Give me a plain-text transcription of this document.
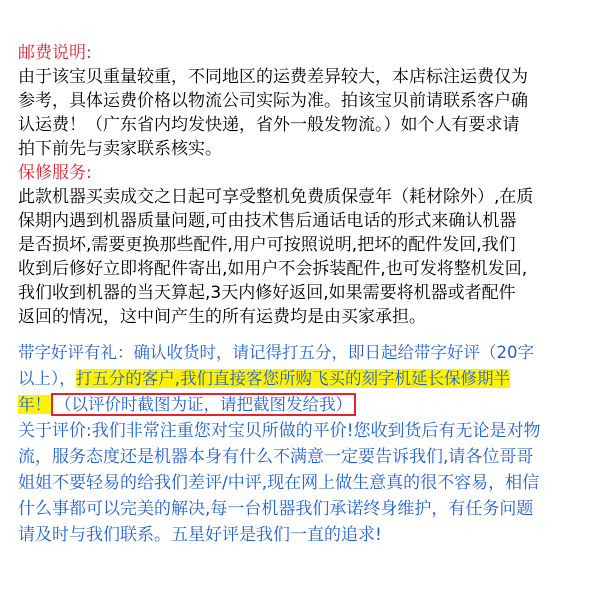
邮费说明:
由于该宝贝重量较重，不同地区的运费差异较大，本店标注运费仅为
参考，具体运费价格以物流公司实际为准。拍该宝贝前请联系客户确
认运费！（广东省内均发快递，省外一般发物流。）如个人有要求请
拍下前先与卖家联系核实。
保修服务:
此款机器买卖成交之日起可享受整机免费质保壹年（耗材除外）,在质
保期内遇到机器质量问题,可由技术售后通话电话的形式来确认机器
是否损坏,需要更换那些配件,用户可按照说明,把坏的配件发回,我们
收到后修好立即将配件寄出,如用户不会拆装配件,也可发将整机发回,
我们收到机器的当天算起,3天内修好返回,如果需要将机器或者配件
返回的情况，这中间产生的所有运费均是由买家承担。
带字好评有礼：确认收货时，请记得打五分，即日起给带字好评（20字
以上），打五分的客户,我们直接客您所购飞买的刻字机延长保修期半
年！ （以评价时截图为证，请把截图发给我）
关于评价:我们非常注重您对宝贝所做的平价!您收到货后有无论是对物
流，服务态度还是机器本身有什么不满意一定要告诉我们,请各位哥哥
姐姐不要轻易的给我们差评/中评,现在网上做生意真的很不容易，相信
什么事都可以完美的解决,每一台机器我们承诺终身维护，有任务问题
请及时与我们联系。五星好评是我们一直的追求!
